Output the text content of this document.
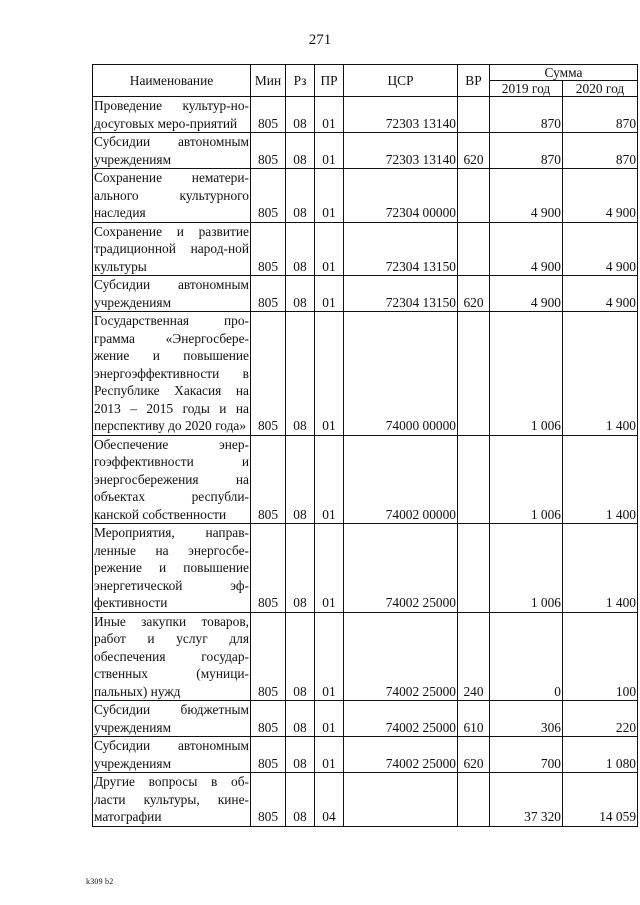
271
Наименование	Мин	Рз	ПР	ЦСР	ВР	Сумма	
						2019 год	2020 год
Проведение культур-но-досуговых меро-приятий	805	08	01	72303 13140		870	870
Субсидии автономным учреждениям	805	08	01	72303 13140	620	870	870
Сохранение нематери-ального культурного наследия	805	08	01	72304 00000		4 900	4 900
Сохранение и развитие традиционной народ-ной культуры	805	08	01	72304 13150		4 900	4 900
Субсидии автономным учреждениям	805	08	01	72304 13150	620	4 900	4 900
Государственная про-грамма «Энергосбере-жение и повышение энергоэффективности в Республике Хакасия на 2013 – 2015 годы и на перспективу до 2020 года»	805	08	01	74000 00000		1 006	1 400
Обеспечение энер-гоэффективности и энергосбережения на объектах республи-канской собственности	805	08	01	74002 00000		1 006	1 400
Мероприятия, направ-ленные на энергосбе-режение и повышение энергетической эф-фективности	805	08	01	74002 25000		1 006	1 400
Иные закупки товаров, работ и услуг для обеспечения государ-ственных (муници-пальных) нужд	805	08	01	74002 25000	240	0	100
Субсидии бюджетным учреждениям	805	08	01	74002 25000	610	306	220
Субсидии автономным учреждениям	805	08	01	74002 25000	620	700	1 080
Другие вопросы в об-ласти культуры, кине-матографии	805	08	04			37 320	14 059
k309 b2
